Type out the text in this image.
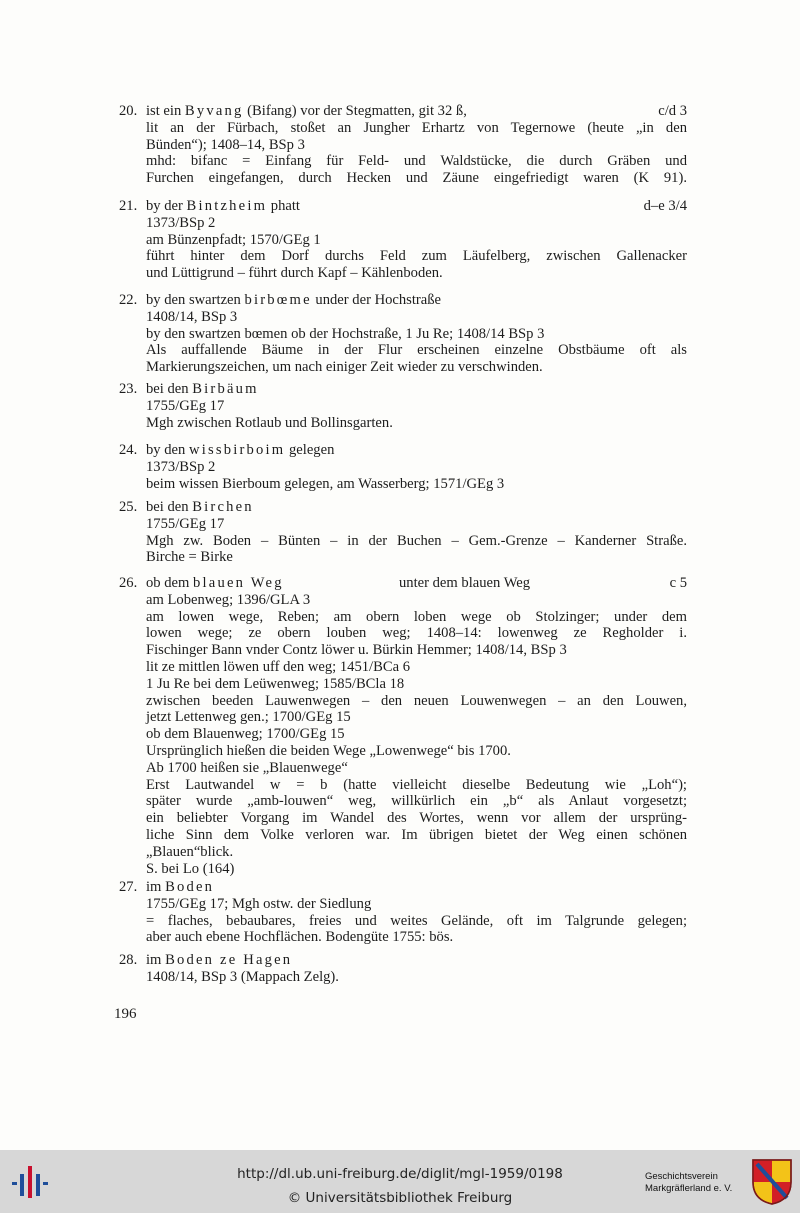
20. ist ein Byvang (Bifang) vor der Stegmatten, git 32 ß,	c/d 3
lit an der Fürbach, stoßet an Jungher Erhartz von Tegernowe (heute „in den
Bünden“); 1408–14, BSp 3
mhd: bifanc = Einfang für Feld- und Waldstücke, die durch Gräben und
Furchen eingefangen, durch Hecken und Zäune eingefriedigt waren (K 91).
21. by der Bintzheim phatt	d–e 3/4
1373/BSp 2
am Bünzenpfadt; 1570/GEg 1
führt hinter dem Dorf durchs Feld zum Läufelberg, zwischen Gallenacker
und Lüttigrund – führt durch Kapf – Kählenboden.
22. by den swartzen birbœme under der Hochstraße
1408/14, BSp 3
by den swartzen bœmen ob der Hochstraße, 1 Ju Re; 1408/14 BSp 3
Als auffallende Bäume in der Flur erscheinen einzelne Obstbäume oft als
Markierungszeichen, um nach einiger Zeit wieder zu verschwinden.
23. bei den Birbäum
1755/GEg 17
Mgh zwischen Rotlaub und Bollinsgarten.
24. by den wissbirboim gelegen
1373/BSp 2
beim wissen Bierboum gelegen, am Wasserberg; 1571/GEg 3
25. bei den Birchen
1755/GEg 17
Mgh zw. Boden – Bünten – in der Buchen – Gem.-Grenze – Kanderner Straße.
Birche = Birke
26. ob dem blauen Weg	unter dem blauen Weg	c 5
am Lobenweg; 1396/GLA 3
am lowen wege, Reben; am obern loben wege ob Stolzinger; under dem
lowen wege; ze obern louben weg; 1408–14: lowenweg ze Regholder i.
Fischinger Bann vnder Contz löwer u. Bürkin Hemmer; 1408/14, BSp 3
lit ze mittlen löwen uff den weg; 1451/BCa 6
1 Ju Re bei dem Leüwenweg; 1585/BCla 18
zwischen beeden Lauwenwegen – den neuen Louwenwegen – an den Louwen,
jetzt Lettenweg gen.; 1700/GEg 15
ob dem Blauenweg; 1700/GEg 15
Ursprünglich hießen die beiden Wege „Lowenwege“ bis 1700.
Ab 1700 heißen sie „Blauenwege“
Erst Lautwandel w = b (hatte vielleicht dieselbe Bedeutung wie „Loh“);
später wurde „amb-louwen“ weg, willkürlich ein „b“ als Anlaut vorgesetzt;
ein beliebter Vorgang im Wandel des Wortes, wenn vor allem der ursprüng-
liche Sinn dem Volke verloren war. Im übrigen bietet der Weg einen schönen
„Blauen“blick.
S. bei Lo (164)
27. im Boden
1755/GEg 17; Mgh ostw. der Siedlung
= flaches, bebaubares, freies und weites Gelände, oft im Talgrunde gelegen;
aber auch ebene Hochflächen. Bodengüte 1755: bös.
28. im Boden ze Hagen
1408/14, BSp 3 (Mappach Zelg).
196
http://dl.ub.uni-freiburg.de/diglit/mgl-1959/0198
© Universitätsbibliothek Freiburg
Geschichtsverein
Markgräflerland e. V.
